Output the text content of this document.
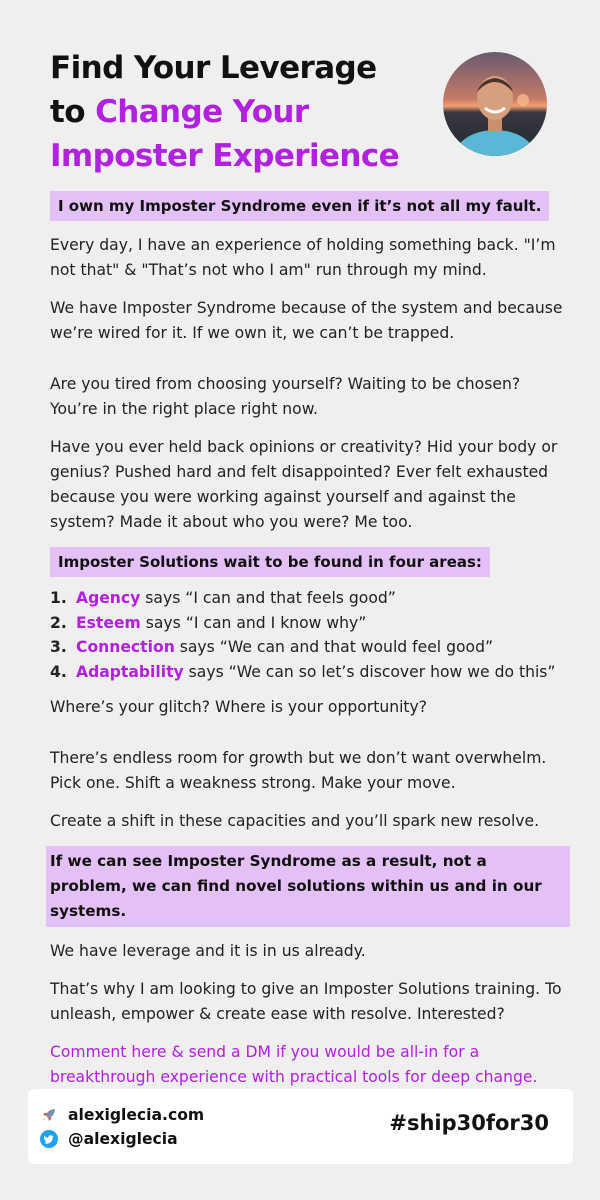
Find Your Leverage
to Change Your
Imposter Experience
I own my Imposter Syndrome even if it’s not all my fault.

Every day, I have an experience of holding something back. "I’m not that" & "That’s not who I am" run through my mind.

We have Imposter Syndrome because of the system and because we’re wired for it. If we own it, we can’t be trapped.

Are you tired from choosing yourself? Waiting to be chosen? You’re in the right place right now.

Have you ever held back opinions or creativity? Hid your body or genius? Pushed hard and felt disappointed? Ever felt exhausted because you were working against yourself and against the system? Made it about who you were? Me too.

Imposter Solutions wait to be found in four areas:
1. Agency says “I can and that feels good”
2. Esteem says “I can and I know why”
3. Connection says “We can and that would feel good”
4. Adaptability says “We can so let’s discover how we do this”

Where’s your glitch? Where is your opportunity?

There’s endless room for growth but we don’t want overwhelm. Pick one. Shift a weakness strong. Make your move.

Create a shift in these capacities and you’ll spark new resolve.

If we can see Imposter Syndrome as a result, not a problem, we can find novel solutions within us and in our systems.

We have leverage and it is in us already.

That’s why I am looking to give an Imposter Solutions training. To unleash, empower & create ease with resolve. Interested?

Comment here & send a DM if you would be all-in for a breakthrough experience with practical tools for deep change.

alexiglecia.com
@alexiglecia
#ship30for30
